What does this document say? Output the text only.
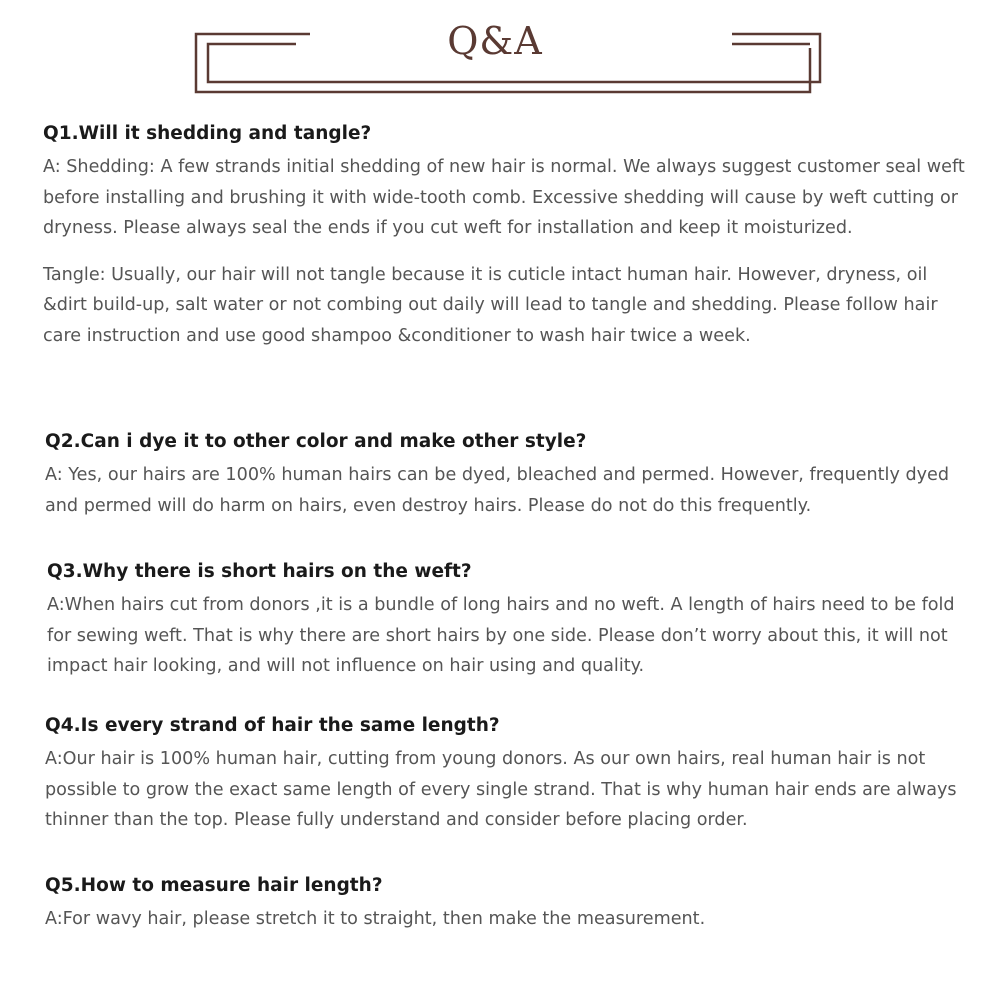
Q&A

Q1.Will it shedding and tangle?

A: Shedding: A few strands initial shedding of new hair is normal. We always suggest customer seal weft before installing and brushing it with wide-tooth comb. Excessive shedding will cause by weft cutting or dryness. Please always seal the ends if you cut weft for installation and keep it moisturized.

Tangle: Usually, our hair will not tangle because it is cuticle intact human hair. However, dryness, oil &dirt build-up, salt water or not combing out daily will lead to tangle and shedding. Please follow hair care instruction and use good shampoo &conditioner to wash hair twice a week.

Q2.Can i dye it to other color and make other style?

A: Yes, our hairs are 100% human hairs can be dyed, bleached and permed. However, frequently dyed and permed will do harm on hairs, even destroy hairs. Please do not do this frequently.

Q3.Why there is short hairs on the weft?

A:When hairs cut from donors ,it is a bundle of long hairs and no weft. A length of hairs need to be fold for sewing weft. That is why there are short hairs by one side. Please don’t worry about this, it will not impact hair looking, and will not influence on hair using and quality.

Q4.Is every strand of hair the same length?

A:Our hair is 100% human hair, cutting from young donors. As our own hairs, real human hair is not possible to grow the exact same length of every single strand. That is why human hair ends are always thinner than the top. Please fully understand and consider before placing order.

Q5.How to measure hair length?

A:For wavy hair, please stretch it to straight, then make the measurement.
